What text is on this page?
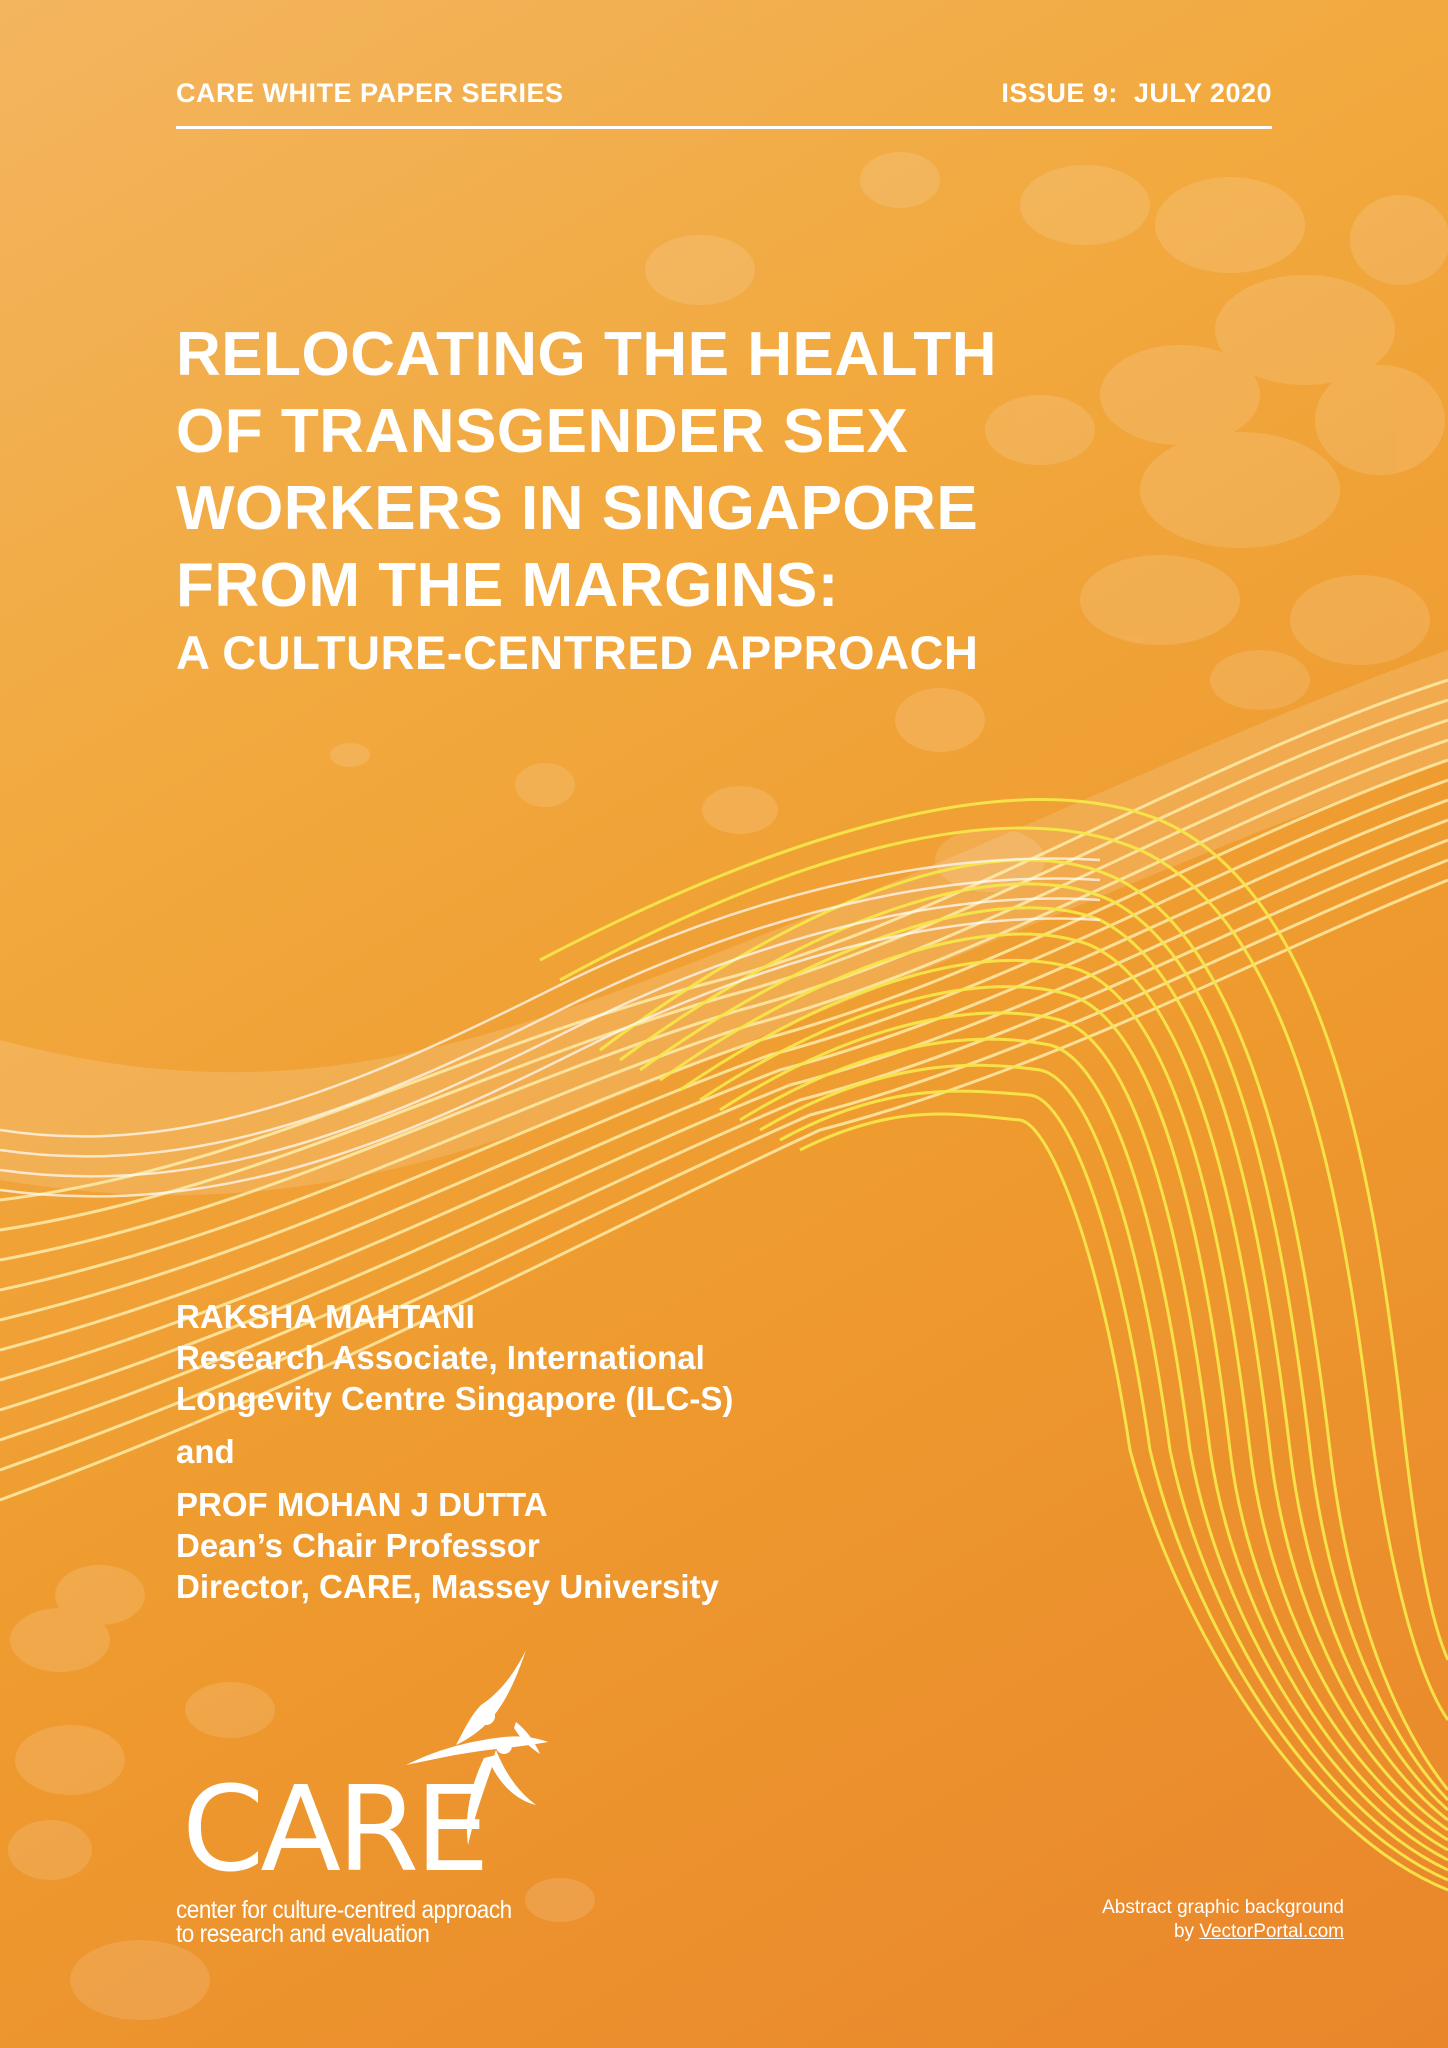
CARE WHITE PAPER SERIES	ISSUE 9:  JULY 2020
RELOCATING THE HEALTH
OF TRANSGENDER SEX
WORKERS IN SINGAPORE
FROM THE MARGINS:
A CULTURE-CENTRED APPROACH
RAKSHA MAHTANI
Research Associate, International
Longevity Centre Singapore (ILC-S)
and
PROF MOHAN J DUTTA
Dean’s Chair Professor
Director, CARE, Massey University
CARE
center for culture-centred approach
to research and evaluation
Abstract graphic background
by VectorPortal.com
